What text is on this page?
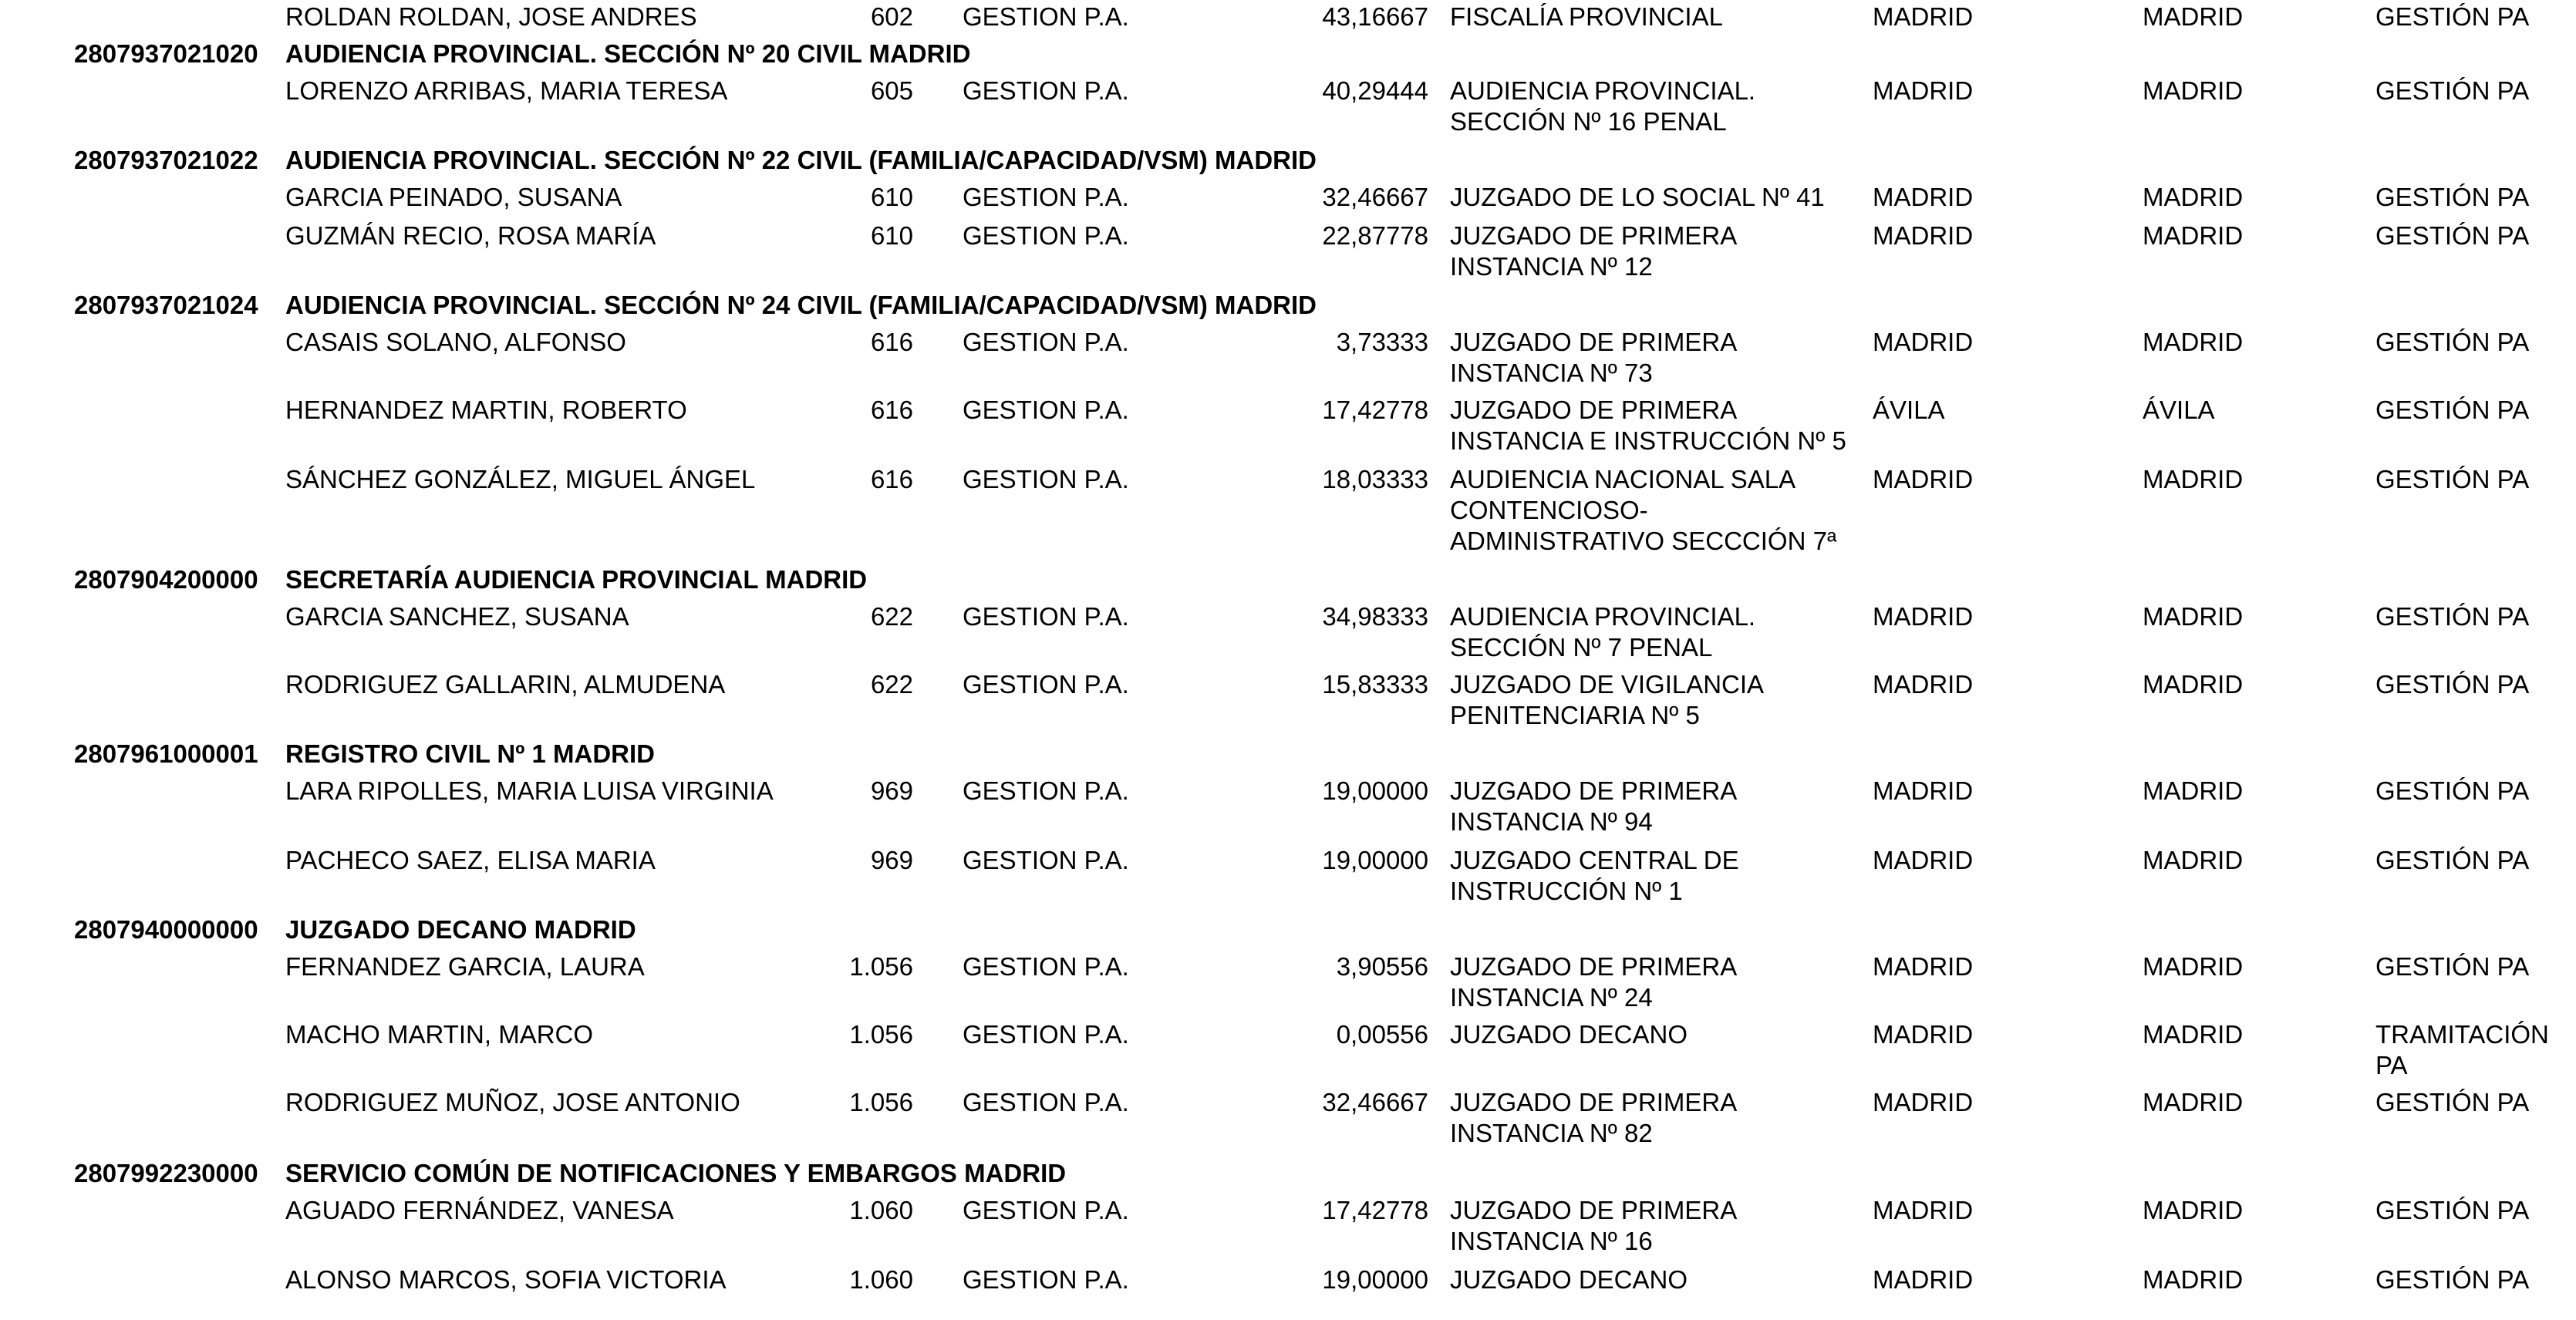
ROLDAN ROLDAN, JOSE ANDRES	602 GESTION P.A.	43,16667 FISCALÍA PROVINCIAL	MADRID	MADRID	GESTIÓN PA
2807937021020	AUDIENCIA PROVINCIAL. SECCIÓN Nº 20 CIVIL MADRID
LORENZO ARRIBAS, MARIA TERESA	605 GESTION P.A.	40,29444 AUDIENCIA PROVINCIAL.
SECCIÓN Nº 16 PENAL
MADRID	MADRID	GESTIÓN PA
2807937021022	AUDIENCIA PROVINCIAL. SECCIÓN Nº 22 CIVIL (FAMILIA/CAPACIDAD/VSM) MADRID
GARCIA PEINADO, SUSANA	610 GESTION P.A.	32,46667 JUZGADO DE LO SOCIAL Nº 41 MADRID	MADRID	GESTIÓN PA
GUZMÁN RECIO, ROSA MARÍA	610 GESTION P.A.	22,87778 JUZGADO DE PRIMERA
INSTANCIA Nº 12
MADRID	MADRID	GESTIÓN PA
2807937021024	AUDIENCIA PROVINCIAL. SECCIÓN Nº 24 CIVIL (FAMILIA/CAPACIDAD/VSM) MADRID
CASAIS SOLANO, ALFONSO	616 GESTION P.A.	3,73333 JUZGADO DE PRIMERA
INSTANCIA Nº 73
MADRID	MADRID	GESTIÓN PA
HERNANDEZ MARTIN, ROBERTO	616 GESTION P.A.	17,42778 JUZGADO DE PRIMERA
INSTANCIA E INSTRUCCIÓN Nº 5
ÁVILA	ÁVILA	GESTIÓN PA
SÁNCHEZ GONZÁLEZ, MIGUEL ÁNGEL	616 GESTION P.A.	18,03333 AUDIENCIA NACIONAL SALA
CONTENCIOSO-
ADMINISTRATIVO SECCCIÓN 7ª
MADRID	MADRID	GESTIÓN PA
2807904200000	SECRETARÍA AUDIENCIA PROVINCIAL MADRID
GARCIA SANCHEZ, SUSANA	622 GESTION P.A.	34,98333 AUDIENCIA PROVINCIAL.
SECCIÓN Nº 7 PENAL
MADRID	MADRID	GESTIÓN PA
RODRIGUEZ GALLARIN, ALMUDENA	622 GESTION P.A.	15,83333 JUZGADO DE VIGILANCIA
PENITENCIARIA Nº 5
MADRID	MADRID	GESTIÓN PA
2807961000001	REGISTRO CIVIL Nº 1 MADRID
LARA RIPOLLES, MARIA LUISA VIRGINIA	969 GESTION P.A.	19,00000 JUZGADO DE PRIMERA
INSTANCIA Nº 94
MADRID	MADRID	GESTIÓN PA
PACHECO SAEZ, ELISA MARIA	969 GESTION P.A.	19,00000 JUZGADO CENTRAL DE
INSTRUCCIÓN Nº 1
MADRID	MADRID	GESTIÓN PA
2807940000000	JUZGADO DECANO MADRID
FERNANDEZ GARCIA, LAURA	1.056 GESTION P.A.	3,90556 JUZGADO DE PRIMERA
INSTANCIA Nº 24
MADRID	MADRID	GESTIÓN PA
MACHO MARTIN, MARCO	1.056 GESTION P.A.	0,00556 JUZGADO DECANO	MADRID	MADRID	TRAMITACIÓN
PA
RODRIGUEZ MUÑOZ, JOSE ANTONIO	1.056 GESTION P.A.	32,46667 JUZGADO DE PRIMERA
INSTANCIA Nº 82
MADRID	MADRID	GESTIÓN PA
2807992230000	SERVICIO COMÚN DE NOTIFICACIONES Y EMBARGOS MADRID
AGUADO FERNÁNDEZ, VANESA	1.060 GESTION P.A.	17,42778 JUZGADO DE PRIMERA
INSTANCIA Nº 16
MADRID	MADRID	GESTIÓN PA
ALONSO MARCOS, SOFIA VICTORIA	1.060 GESTION P.A.	19,00000 JUZGADO DECANO	MADRID	MADRID	GESTIÓN PA
